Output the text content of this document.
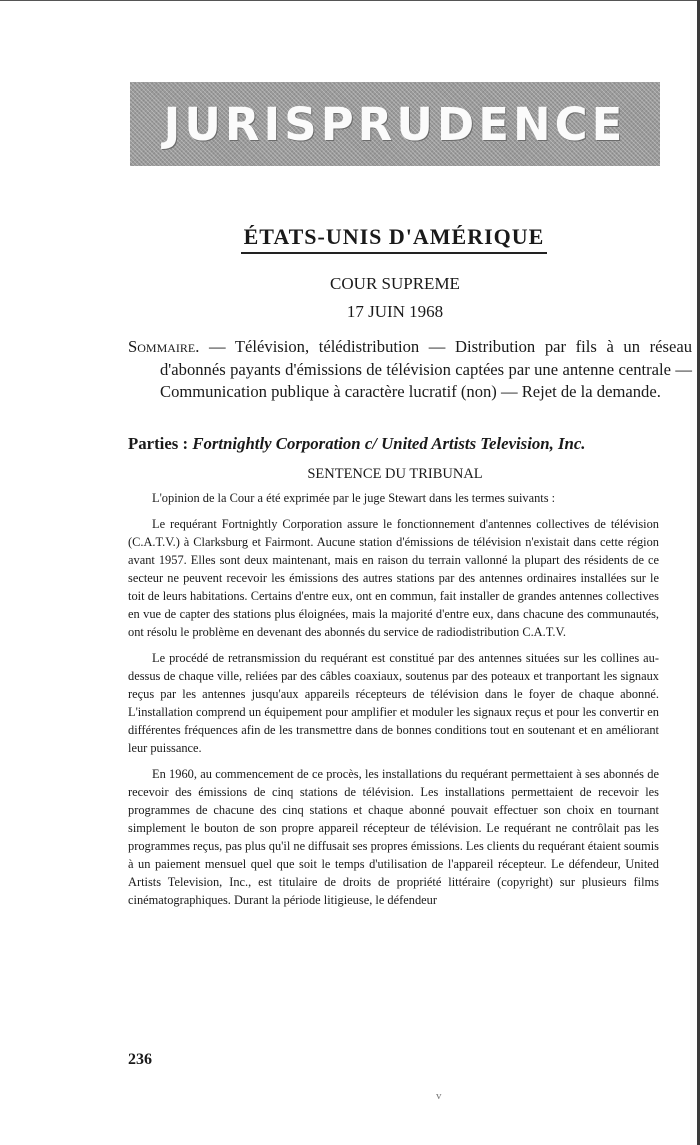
JURISPRUDENCE
ÉTATS-UNIS D'AMÉRIQUE
COUR SUPREME
17 JUIN 1968
Sommaire. — Télévision, télédistribution — Distribution par fils à un réseau d'abonnés payants d'émissions de télévision captées par une antenne centrale — Communication publique à caractère lucratif (non) — Rejet de la demande.
Parties : Fortnightly Corporation c/ United Artists Television, Inc.
SENTENCE DU TRIBUNAL

L'opinion de la Cour a été exprimée par le juge Stewart dans les termes suivants :

Le requérant Fortnightly Corporation assure le fonctionnement d'antennes collectives de télévision (C.A.T.V.) à Clarksburg et Fairmont. Aucune station d'émissions de télévision n'existait dans cette région avant 1957. Elles sont deux maintenant, mais en raison du terrain vallonné la plupart des résidents de ce secteur ne peuvent recevoir les émissions des autres stations par des antennes ordinaires installées sur le toit de leurs habitations. Certains d'entre eux, ont en commun, fait installer de grandes antennes collectives en vue de capter des stations plus éloignées, mais la majorité d'entre eux, dans chacune des communautés, ont résolu le problème en devenant des abonnés du service de radiodistribution C.A.T.V.

Le procédé de retransmission du requérant est constitué par des antennes situées sur les collines au-dessus de chaque ville, reliées par des câbles coaxiaux, soutenus par des poteaux et tranportant les signaux reçus par les antennes jusqu'aux appareils récepteurs de télévision dans le foyer de chaque abonné. L'installation comprend un équipement pour amplifier et moduler les signaux reçus et pour les convertir en différentes fréquences afin de les transmettre dans de bonnes conditions tout en soutenant et en améliorant leur puissance.

En 1960, au commencement de ce procès, les installations du requérant permettaient à ses abonnés de recevoir des émissions de cinq stations de télévision. Les installations permettaient de recevoir les programmes de chacune des cinq stations et chaque abonné pouvait effectuer son choix en tournant simplement le bouton de son propre appareil récepteur de télévision. Le requérant ne contrôlait pas les programmes reçus, pas plus qu'il ne diffusait ses propres émissions. Les clients du requérant étaient soumis à un paiement mensuel quel que soit le temps d'utilisation de l'appareil récepteur. Le défendeur, United Artists Television, Inc., est titulaire de droits de propriété littéraire (copyright) sur plusieurs films cinématographiques. Durant la période litigieuse, le défendeur

236
v
